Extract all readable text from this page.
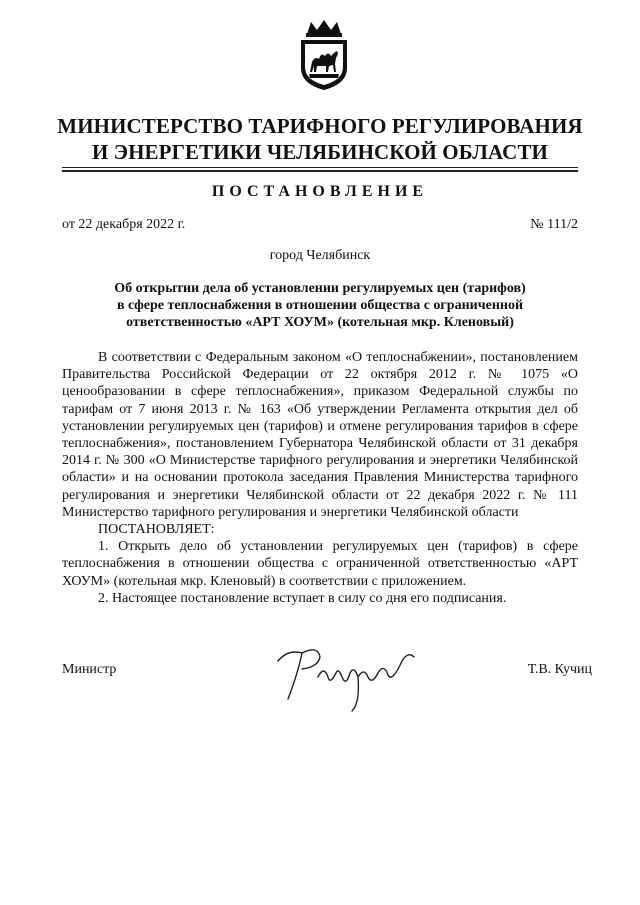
МИНИСТЕРСТВО ТАРИФНОГО РЕГУЛИРОВАНИЯ
И ЭНЕРГЕТИКИ ЧЕЛЯБИНСКОЙ ОБЛАСТИ
ПОСТАНОВЛЕНИЕ
от 22 декабря 2022 г.	№ 111/2
город Челябинск
Об открытии дела об установлении регулируемых цен (тарифов)
в сфере теплоснабжения в отношении общества с ограниченной
ответственностью «АРТ ХОУМ» (котельная мкр. Кленовый)

В соответствии с Федеральным законом «О теплоснабжении», постановлением Правительства Российской Федерации от 22 октября 2012 г. № 1075 «О ценообразовании в сфере теплоснабжения», приказом Федеральной службы по тарифам от 7 июня 2013 г. № 163 «Об утверждении Регламента открытия дел об установлении регулируемых цен (тарифов) и отмене регулирования тарифов в сфере теплоснабжения», постановлением Губернатора Челябинской области от 31 декабря 2014 г. № 300 «О Министерстве тарифного регулирования и энергетики Челябинской области» и на основании протокола заседания Правления Министерства тарифного регулирования и энергетики Челябинской области от 22 декабря 2022 г. № 111 Министерство тарифного регулирования и энергетики Челябинской области

ПОСТАНОВЛЯЕТ:

1. Открыть дело об установлении регулируемых цен (тарифов) в сфере теплоснабжения в отношении общества с ограниченной ответственностью «АРТ ХОУМ» (котельная мкр. Кленовый) в соответствии с приложением.

2. Настоящее постановление вступает в силу со дня его подписания.

Министр	Т.В. Кучиц
